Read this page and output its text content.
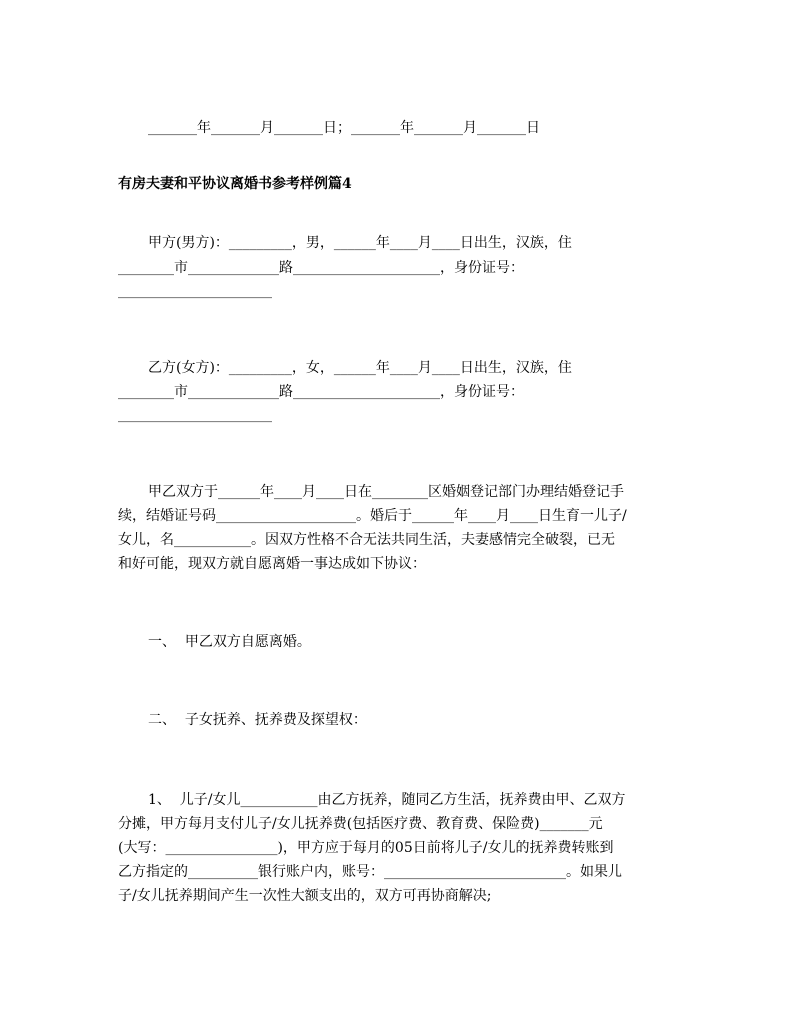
_______年_______月_______日；_______年_______月_______日
有房夫妻和平协议离婚书参考样例篇4
甲方(男方)：_________，男，______年____月____日出生，汉族，住
________市_____________路_____________________，身份证号：
______________________
乙方(女方)：_________，女，______年____月____日出生，汉族，住
________市_____________路_____________________，身份证号：
______________________
甲乙双方于______年____月____日在________区婚姻登记部门办理结婚登记手
续，结婚证号码____________________。婚后于______年____月____日生育一儿子/
女儿，名___________。因双方性格不合无法共同生活，夫妻感情完全破裂，已无
和好可能，现双方就自愿离婚一事达成如下协议：
一、  甲乙双方自愿离婚。
二、  子女抚养、抚养费及探望权：
1、  儿子/女儿___________由乙方抚养，随同乙方生活，抚养费由甲、乙双方
分摊，甲方每月支付儿子/女儿抚养费(包括医疗费、教育费、保险费)_______元
(大写：________________)，甲方应于每月的05日前将儿子/女儿的抚养费转账到
乙方指定的__________银行账户内，账号：__________________________。如果儿
子/女儿抚养期间产生一次性大额支出的，双方可再协商解决;
